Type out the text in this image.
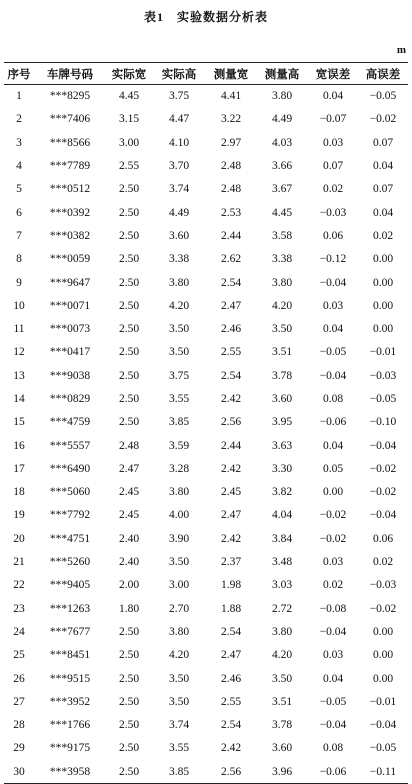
表1　实验数据分析表
m
序号	车牌号码	实际宽	实际高	测量宽	测量高	宽误差	高误差
1	***8295	4.45	3.75	4.41	3.80	0.04	−0.05
2	***7406	3.15	4.47	3.22	4.49	−0.07	−0.02
3	***8566	3.00	4.10	2.97	4.03	0.03	0.07
4	***7789	2.55	3.70	2.48	3.66	0.07	0.04
5	***0512	2.50	3.74	2.48	3.67	0.02	0.07
6	***0392	2.50	4.49	2.53	4.45	−0.03	0.04
7	***0382	2.50	3.60	2.44	3.58	0.06	0.02
8	***0059	2.50	3.38	2.62	3.38	−0.12	0.00
9	***9647	2.50	3.80	2.54	3.80	−0.04	0.00
10	***0071	2.50	4.20	2.47	4.20	0.03	0.00
11	***0073	2.50	3.50	2.46	3.50	0.04	0.00
12	***0417	2.50	3.50	2.55	3.51	−0.05	−0.01
13	***9038	2.50	3.75	2.54	3.78	−0.04	−0.03
14	***0829	2.50	3.55	2.42	3.60	0.08	−0.05
15	***4759	2.50	3.85	2.56	3.95	−0.06	−0.10
16	***5557	2.48	3.59	2.44	3.63	0.04	−0.04
17	***6490	2.47	3.28	2.42	3.30	0.05	−0.02
18	***5060	2.45	3.80	2.45	3.82	0.00	−0.02
19	***7792	2.45	4.00	2.47	4.04	−0.02	−0.04
20	***4751	2.40	3.90	2.42	3.84	−0.02	0.06
21	***5260	2.40	3.50	2.37	3.48	0.03	0.02
22	***9405	2.00	3.00	1.98	3.03	0.02	−0.03
23	***1263	1.80	2.70	1.88	2.72	−0.08	−0.02
24	***7677	2.50	3.80	2.54	3.80	−0.04	0.00
25	***8451	2.50	4.20	2.47	4.20	0.03	0.00
26	***9515	2.50	3.50	2.46	3.50	0.04	0.00
27	***3952	2.50	3.50	2.55	3.51	−0.05	−0.01
28	***1766	2.50	3.74	2.54	3.78	−0.04	−0.04
29	***9175	2.50	3.55	2.42	3.60	0.08	−0.05
30	***3958	2.50	3.85	2.56	3.96	−0.06	−0.11
